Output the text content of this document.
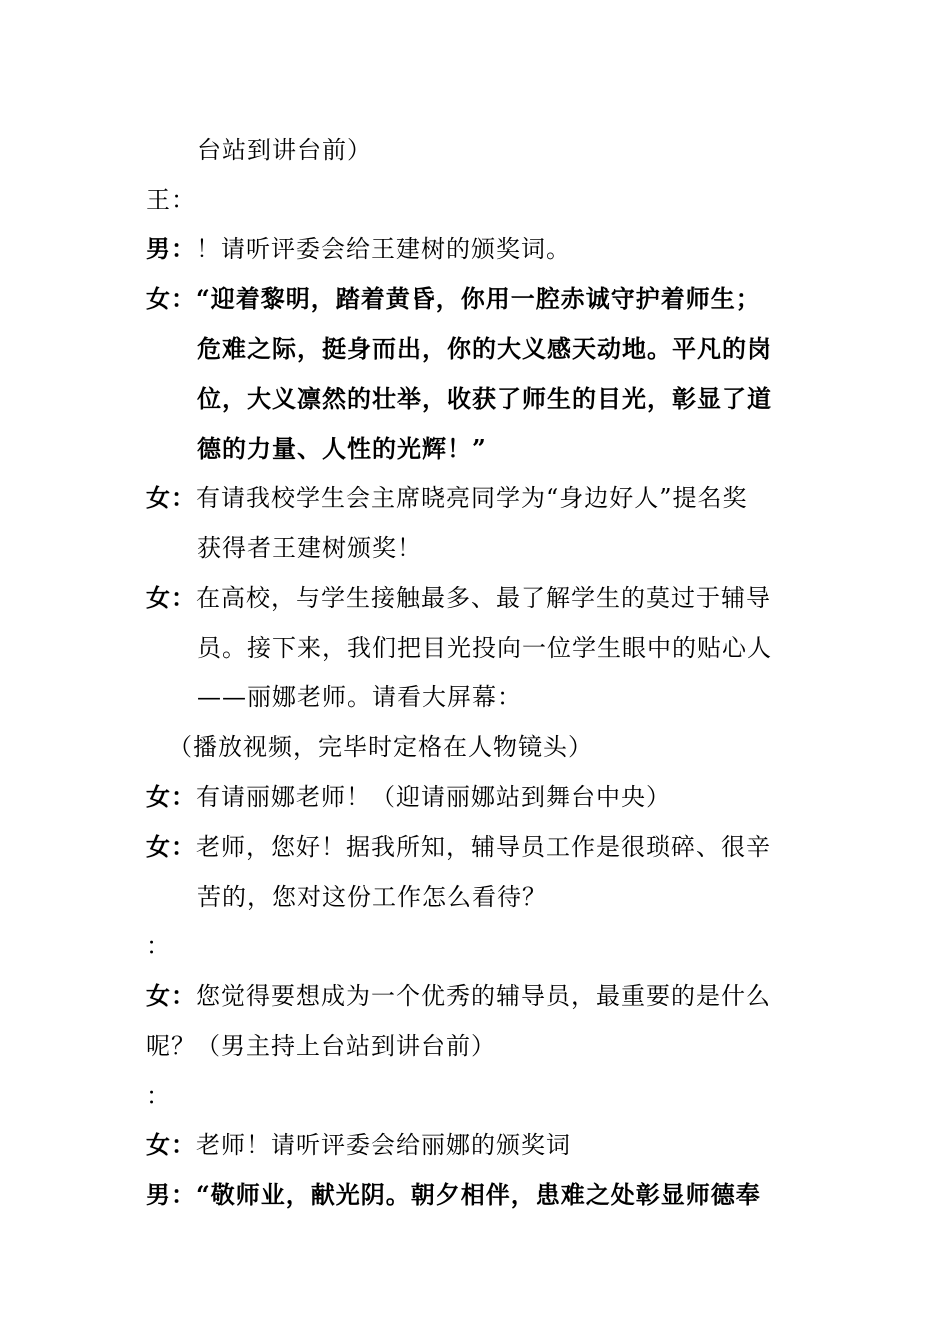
台站到讲台前）
王：
男：！请听评委会给王建树的颁奖词。
女：“迎着黎明，踏着黄昏，你用一腔赤诚守护着师生；
危难之际，挺身而出，你的大义感天动地。平凡的岗
位，大义凛然的壮举，收获了师生的目光，彰显了道
德的力量、人性的光辉！”
女：有请我校学生会主席晓亮同学为“身边好人”提名奖
获得者王建树颁奖！
女：在高校，与学生接触最多、最了解学生的莫过于辅导
员。接下来，我们把目光投向一位学生眼中的贴心人
——丽娜老师。请看大屏幕：
（播放视频，完毕时定格在人物镜头）
女：有请丽娜老师！（迎请丽娜站到舞台中央）
女：老师，您好！据我所知，辅导员工作是很琐碎、很辛
苦的，您对这份工作怎么看待？
：
女：您觉得要想成为一个优秀的辅导员，最重要的是什么
呢？（男主持上台站到讲台前）
：
女：老师！请听评委会给丽娜的颁奖词
男：“敬师业，献光阴。朝夕相伴，患难之处彰显师德奉
